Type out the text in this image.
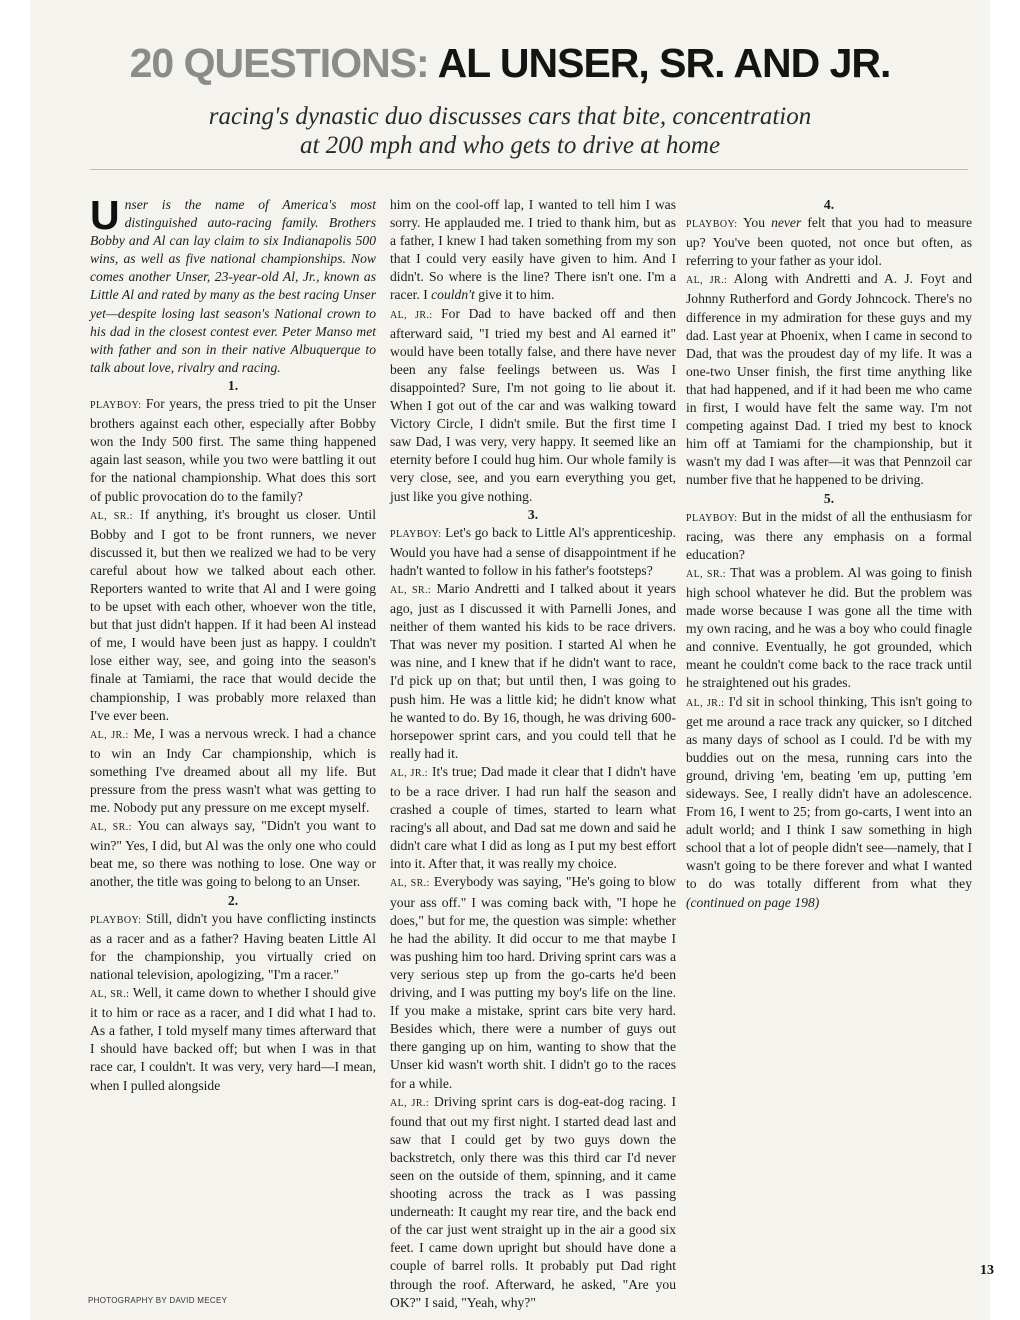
20 QUESTIONS: AL UNSER, SR. AND JR.
racing's dynastic duo discusses cars that bite, concentration
at 200 mph and who gets to drive at home

Unser is the name of America's most distinguished auto-racing family. Brothers Bobby and Al can lay claim to six Indianapolis 500 wins, as well as five national championships. Now comes another Unser, 23-year-old Al, Jr., known as Little Al and rated by many as the best racing Unser yet—despite losing last season's National crown to his dad in the closest contest ever. Peter Manso met with father and son in their native Albuquerque to talk about love, rivalry and racing.

1.

PLAYBOY: For years, the press tried to pit the Unser brothers against each other, especially after Bobby won the Indy 500 first. The same thing happened again last season, while you two were battling it out for the national championship. What does this sort of public provocation do to the family?

AL, SR.: If anything, it's brought us closer. Until Bobby and I got to be front runners, we never discussed it, but then we realized we had to be very careful about how we talked about each other. Reporters wanted to write that Al and I were going to be upset with each other, whoever won the title, but that just didn't happen. If it had been Al instead of me, I would have been just as happy. I couldn't lose either way, see, and going into the season's finale at Tamiami, the race that would decide the championship, I was probably more relaxed than I've ever been.

AL, JR.: Me, I was a nervous wreck. I had a chance to win an Indy Car championship, which is something I've dreamed about all my life. But pressure from the press wasn't what was getting to me. Nobody put any pressure on me except myself.

AL, SR.: You can always say, "Didn't you want to win?" Yes, I did, but Al was the only one who could beat me, so there was nothing to lose. One way or another, the title was going to belong to an Unser.

2.

PLAYBOY: Still, didn't you have conflicting instincts as a racer and as a father? Having beaten Little Al for the championship, you virtually cried on national television, apologizing, "I'm a racer."

AL, SR.: Well, it came down to whether I should give it to him or race as a racer, and I did what I had to. As a father, I told myself many times afterward that I should have backed off; but when I was in that race car, I couldn't. It was very, very hard—I mean, when I pulled alongside

him on the cool-off lap, I wanted to tell him I was sorry. He applauded me. I tried to thank him, but as a father, I knew I had taken something from my son that I could very easily have given to him. And I didn't. So where is the line? There isn't one. I'm a racer. I couldn't give it to him.

AL, JR.: For Dad to have backed off and then afterward said, "I tried my best and Al earned it" would have been totally false, and there have never been any false feelings between us. Was I disappointed? Sure, I'm not going to lie about it. When I got out of the car and was walking toward Victory Circle, I didn't smile. But the first time I saw Dad, I was very, very happy. It seemed like an eternity before I could hug him. Our whole family is very close, see, and you earn everything you get, just like you give nothing.

3.

PLAYBOY: Let's go back to Little Al's apprenticeship. Would you have had a sense of disappointment if he hadn't wanted to follow in his father's footsteps?

AL, SR.: Mario Andretti and I talked about it years ago, just as I discussed it with Parnelli Jones, and neither of them wanted his kids to be race drivers. That was never my position. I started Al when he was nine, and I knew that if he didn't want to race, I'd pick up on that; but until then, I was going to push him. He was a little kid; he didn't know what he wanted to do. By 16, though, he was driving 600-horsepower sprint cars, and you could tell that he really had it.

AL, JR.: It's true; Dad made it clear that I didn't have to be a race driver. I had run half the season and crashed a couple of times, started to learn what racing's all about, and Dad sat me down and said he didn't care what I did as long as I put my best effort into it. After that, it was really my choice.

AL, SR.: Everybody was saying, "He's going to blow your ass off." I was coming back with, "I hope he does," but for me, the question was simple: whether he had the ability. It did occur to me that maybe I was pushing him too hard. Driving sprint cars was a very serious step up from the go-carts he'd been driving, and I was putting my boy's life on the line. If you make a mistake, sprint cars bite very hard. Besides which, there were a number of guys out there ganging up on him, wanting to show that the Unser kid wasn't worth shit. I didn't go to the races for a while.

AL, JR.: Driving sprint cars is dog-eat-dog racing. I found that out my first night. I started dead last and saw that I could get by two guys down the backstretch, only there was this third car I'd never seen on the outside of them, spinning, and it came shooting across the track as I was passing underneath: It caught my rear tire, and the back end of the car just went straight up in the air a good six feet. I came down upright but should have done a couple of barrel rolls. It probably put Dad right through the roof. Afterward, he asked, "Are you OK?" I said, "Yeah, why?"

4.

PLAYBOY: You never felt that you had to measure up? You've been quoted, not once but often, as referring to your father as your idol.

AL, JR.: Along with Andretti and A. J. Foyt and Johnny Rutherford and Gordy Johncock. There's no difference in my admiration for these guys and my dad. Last year at Phoenix, when I came in second to Dad, that was the proudest day of my life. It was a one-two Unser finish, the first time anything like that had happened, and if it had been me who came in first, I would have felt the same way. I'm not competing against Dad. I tried my best to knock him off at Tamiami for the championship, but it wasn't my dad I was after—it was that Pennzoil car number five that he happened to be driving.

5.

PLAYBOY: But in the midst of all the enthusiasm for racing, was there any emphasis on a formal education?

AL, SR.: That was a problem. Al was going to finish high school whatever he did. But the problem was made worse because I was gone all the time with my own racing, and he was a boy who could finagle and connive. Eventually, he got grounded, which meant he couldn't come back to the race track until he straightened out his grades.

AL, JR.: I'd sit in school thinking, This isn't going to get me around a race track any quicker, so I ditched as many days of school as I could. I'd be with my buddies out on the mesa, running cars into the ground, driving 'em, beating 'em up, putting 'em sideways. See, I really didn't have an adolescence. From 16, I went to 25; from go-carts, I went into an adult world; and I think I saw something in high school that a lot of people didn't see—namely, that I wasn't going to be there forever and what I wanted to do was totally different from what they (continued on page 198)

PHOTOGRAPHY BY DAVID MECEY
13
